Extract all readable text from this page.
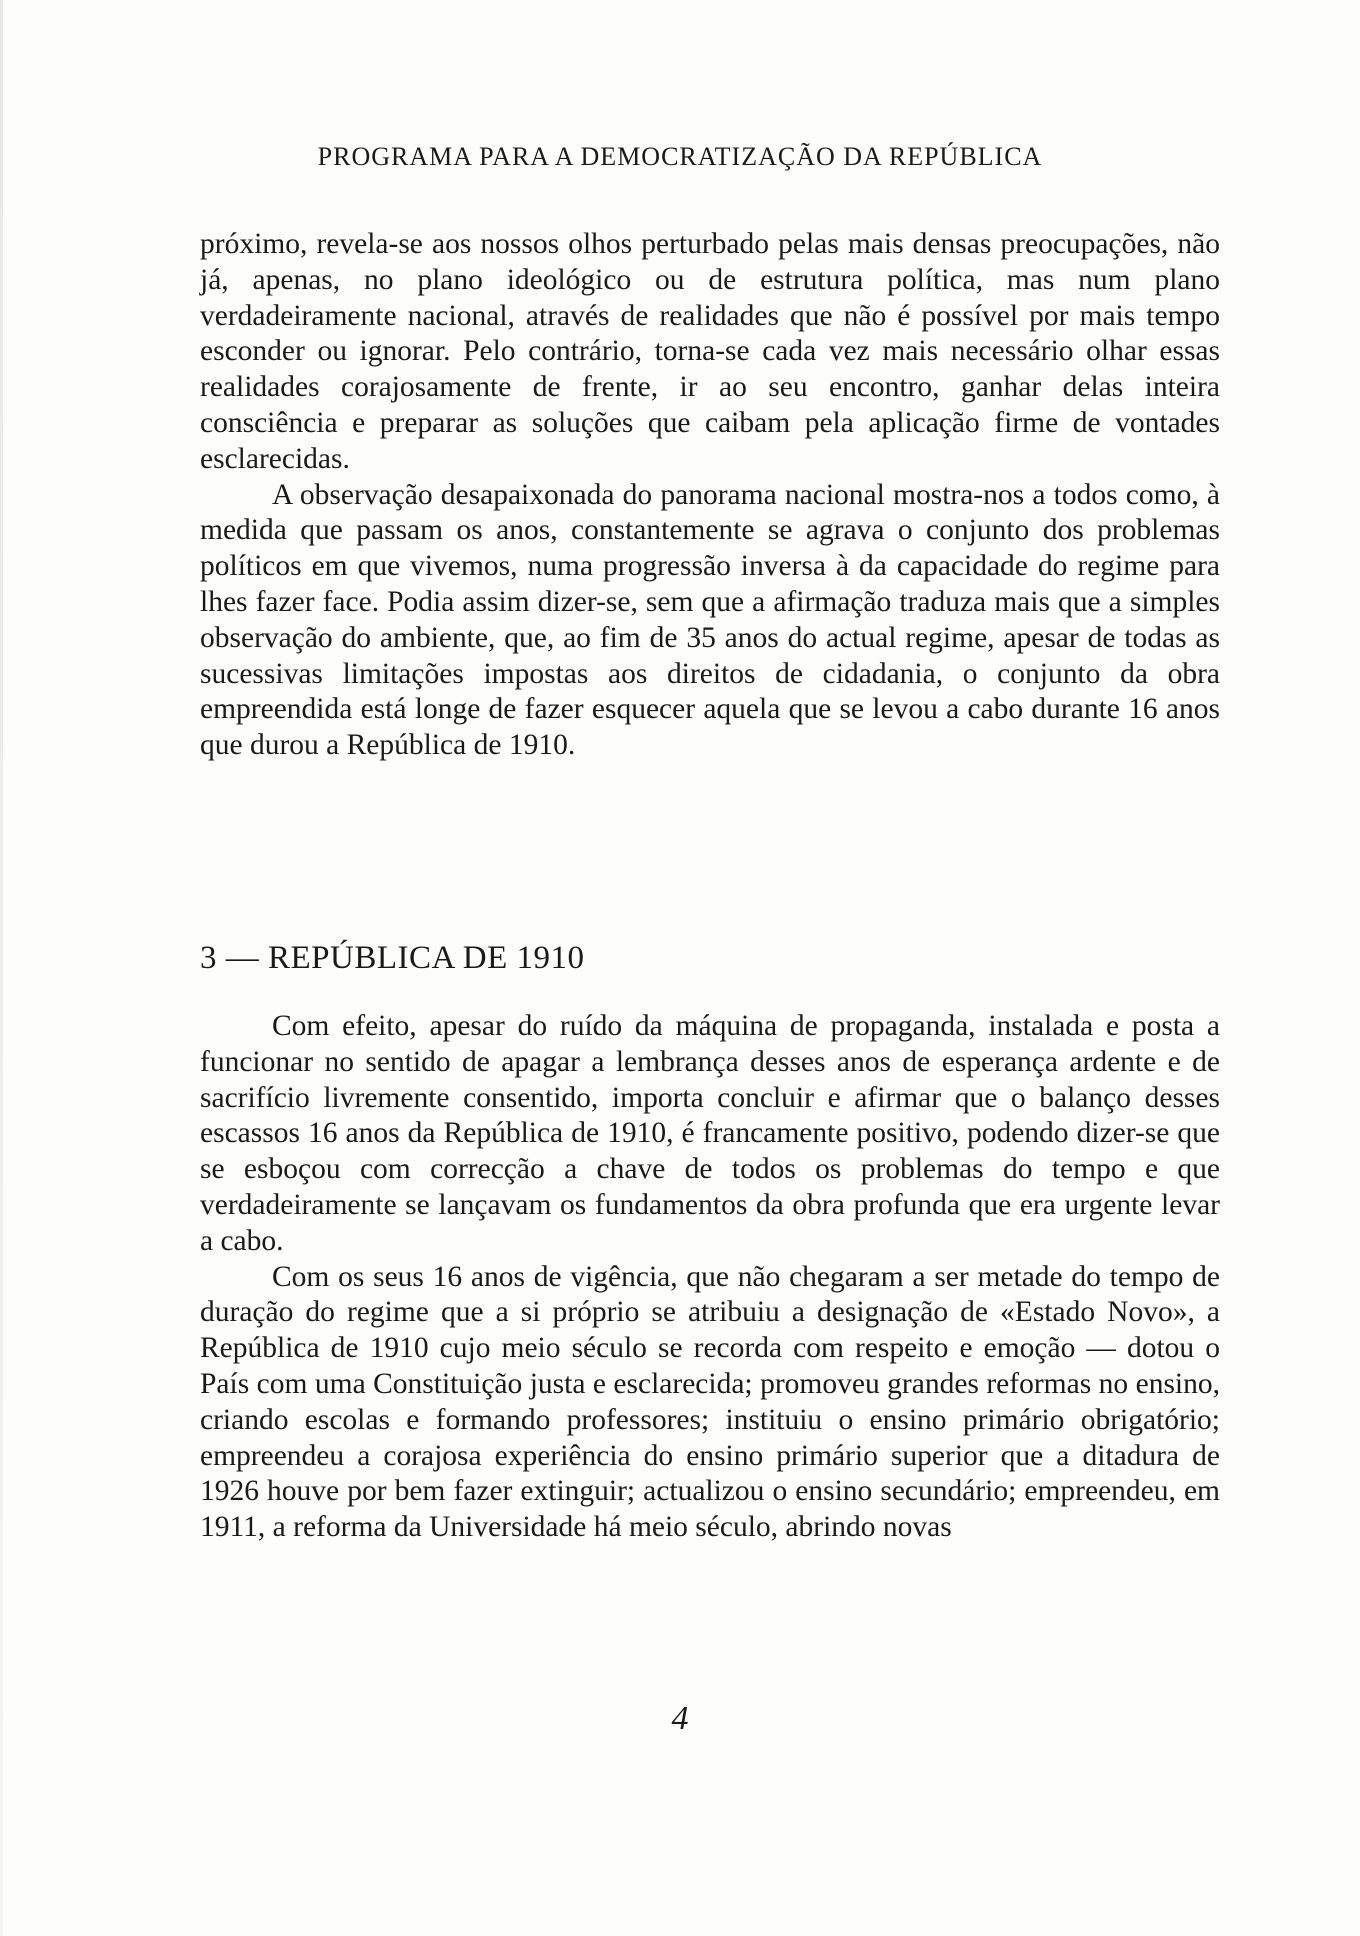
PROGRAMA PARA A DEMOCRATIZAÇÃO DA REPÚBLICA

próximo, revela-se aos nossos olhos perturbado pelas mais densas preocupações, não já, apenas, no plano ideológico ou de estrutura política, mas num plano verdadeiramente nacional, através de realidades que não é possível por mais tempo esconder ou ignorar. Pelo contrário, torna-se cada vez mais necessário olhar essas realidades corajosamente de frente, ir ao seu encontro, ganhar delas inteira consciência e preparar as soluções que caibam pela aplicação firme de vontades esclarecidas.

A observação desapaixonada do panorama nacional mostra-nos a todos como, à medida que passam os anos, constantemente se agrava o conjunto dos problemas políticos em que vivemos, numa progressão inversa à da capacidade do regime para lhes fazer face. Podia assim dizer-se, sem que a afirmação traduza mais que a simples observação do ambiente, que, ao fim de 35 anos do actual regime, apesar de todas as sucessivas limitações impostas aos direitos de cidadania, o conjunto da obra empreendida está longe de fazer esquecer aquela que se levou a cabo durante 16 anos que durou a República de 1910.

3 — REPÚBLICA DE 1910

Com efeito, apesar do ruído da máquina de propaganda, instalada e posta a funcionar no sentido de apagar a lembrança desses anos de esperança ardente e de sacrifício livremente consentido, importa concluir e afirmar que o balanço desses escassos 16 anos da República de 1910, é francamente positivo, podendo dizer-se que se esboçou com correcção a chave de todos os problemas do tempo e que verdadeiramente se lançavam os fundamentos da obra profunda que era urgente levar a cabo.

Com os seus 16 anos de vigência, que não chegaram a ser metade do tempo de duração do regime que a si próprio se atribuiu a designação de «Estado Novo», a República de 1910 cujo meio século se recorda com respeito e emoção — dotou o País com uma Constituição justa e esclarecida; promoveu grandes reformas no ensino, criando escolas e formando professores; instituiu o ensino primário obrigatório; empreendeu a corajosa experiência do ensino primário superior que a ditadura de 1926 houve por bem fazer extinguir; actualizou o ensino secundário; empreendeu, em 1911, a reforma da Universidade há meio século, abrindo novas

4
